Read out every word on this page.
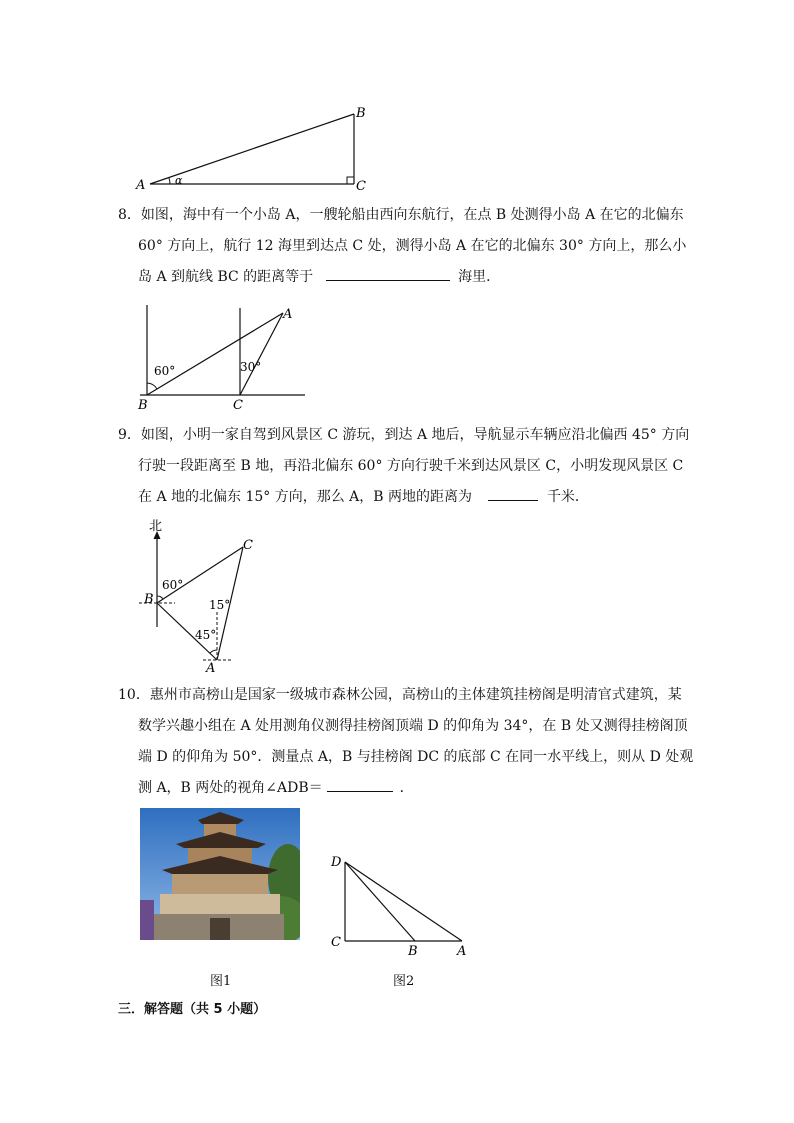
A
B
C
α
8．如图，海中有一个小岛 A，一艘轮船由西向东航行，在点 B 处测得小岛 A 在它的北偏东
60° 方向上，航行 12 海里到达点 C 处，测得小岛 A 在它的北偏东 30° 方向上，那么小
岛 A 到航线 BC 的距离等于	海里．
A
B	C
60°	30°
9．如图，小明一家自驾到风景区 C 游玩，到达 A 地后，导航显示车辆应沿北偏西 45° 方向
行驶一段距离至 B 地，再沿北偏东 60° 方向行驶千米到达风景区 C，小明发现风景区 C
在 A 地的北偏东 15° 方向，那么 A，B 两地的距离为	千米．
北
C
B
A
60°
15°
45°
10．惠州市高榜山是国家一级城市森林公园，高榜山的主体建筑挂榜阁是明清官式建筑，某
数学兴趣小组在 A 处用测角仪测得挂榜阁顶端 D 的仰角为 34°，在 B 处又测得挂榜阁顶
端 D 的仰角为 50°．测量点 A，B 与挂榜阁 DC 的底部 C 在同一水平线上，则从 D 处观
测 A，B 两处的视角∠ADB＝	．
图1
D
C
B	A
图2
三．解答题（共 5 小题）
